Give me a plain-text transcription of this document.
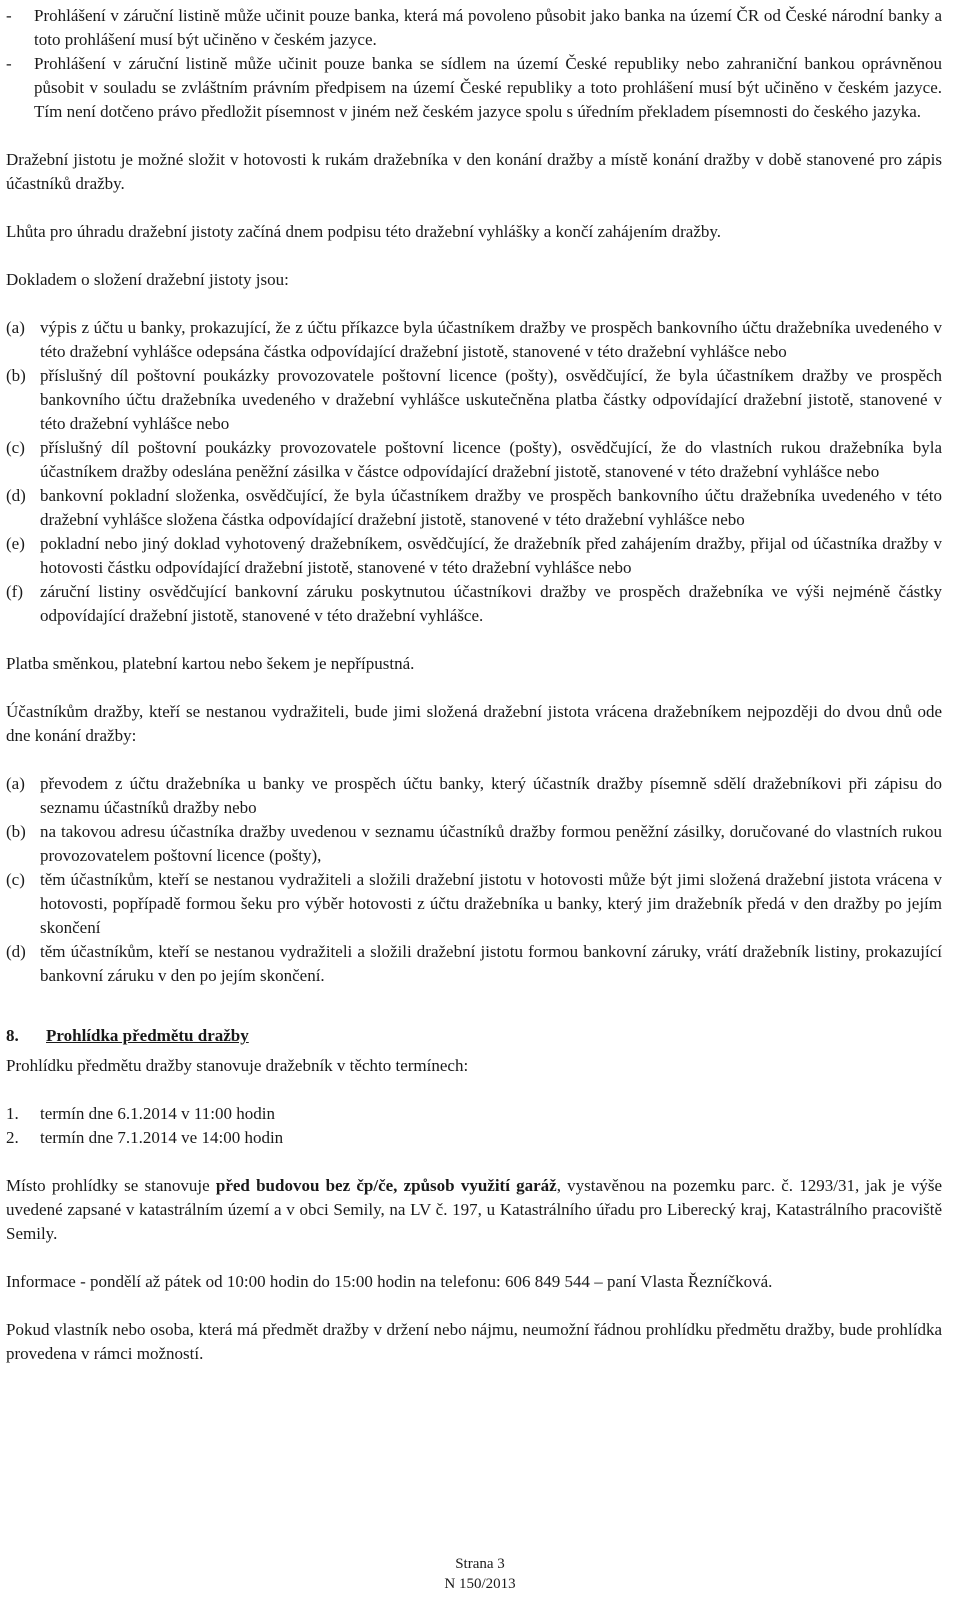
-	Prohlášení v záruční listině může učinit pouze banka, která má povoleno působit jako banka na území ČR od České národní banky a toto prohlášení musí být učiněno v českém jazyce.
-	Prohlášení v záruční listině může učinit pouze banka se sídlem na území České republiky nebo zahraniční bankou oprávněnou působit v souladu se zvláštním právním předpisem na území České republiky a toto prohlášení musí být učiněno v českém jazyce. Tím není dotčeno právo předložit písemnost v jiném než českém jazyce spolu s úředním překladem písemnosti do českého jazyka.

Dražební jistotu je možné složit v hotovosti k rukám dražebníka v den konání dražby a místě konání dražby v době stanovené pro zápis účastníků dražby.

Lhůta pro úhradu dražební jistoty začíná dnem podpisu této dražební vyhlášky a končí zahájením dražby.

Dokladem o složení dražební jistoty jsou:

(a) výpis z účtu u banky, prokazující, že z účtu příkazce byla účastníkem dražby ve prospěch bankovního účtu dražebníka uvedeného v této dražební vyhlášce odepsána částka odpovídající dražební jistotě, stanovené v této dražební vyhlášce nebo
(b) příslušný díl poštovní poukázky provozovatele poštovní licence (pošty), osvědčující, že byla účastníkem dražby ve prospěch bankovního účtu dražebníka uvedeného v dražební vyhlášce uskutečněna platba částky odpovídající dražební jistotě, stanovené v této dražební vyhlášce nebo
(c) příslušný díl poštovní poukázky provozovatele poštovní licence (pošty), osvědčující, že do vlastních rukou dražebníka byla účastníkem dražby odeslána peněžní zásilka v částce odpovídající dražební jistotě, stanovené v této dražební vyhlášce nebo
(d) bankovní pokladní složenka, osvědčující, že byla účastníkem dražby ve prospěch bankovního účtu dražebníka uvedeného v této dražební vyhlášce složena částka odpovídající dražební jistotě, stanovené v této dražební vyhlášce nebo
(e) pokladní nebo jiný doklad vyhotovený dražebníkem, osvědčující, že dražebník před zahájením dražby, přijal od účastníka dražby v hotovosti částku odpovídající dražební jistotě, stanovené v této dražební vyhlášce nebo
(f)	záruční listiny osvědčující bankovní záruku poskytnutou účastníkovi dražby ve prospěch dražebníka ve výši nejméně částky odpovídající dražební jistotě, stanovené v této dražební vyhlášce.

Platba směnkou, platební kartou nebo šekem je nepřípustná.

Účastníkům dražby, kteří se nestanou vydražiteli, bude jimi složená dražební jistota vrácena dražebníkem nejpozději do dvou dnů ode dne konání dražby:

(a) převodem z účtu dražebníka u banky ve prospěch účtu banky, který účastník dražby písemně sdělí dražebníkovi při zápisu do seznamu účastníků dražby nebo
(b) na takovou adresu účastníka dražby uvedenou v seznamu účastníků dražby formou peněžní zásilky, doručované do vlastních rukou provozovatelem poštovní licence (pošty),
(c) těm účastníkům, kteří se nestanou vydražiteli a složili dražební jistotu v hotovosti může být jimi složená dražební jistota vrácena v hotovosti, popřípadě formou šeku pro výběr hotovosti z účtu dražebníka u banky, který jim dražebník předá v den dražby po jejím skončení
(d) těm účastníkům, kteří se nestanou vydražiteli a složili dražební jistotu formou bankovní záruky, vrátí dražebník listiny, prokazující bankovní záruku v den po jejím skončení.
8.	Prohlídka předmětu dražby

Prohlídku předmětu dražby stanovuje dražebník v těchto termínech:

1.	termín dne 6.1.2014 v 11:00 hodin
2.	termín dne 7.1.2014 ve 14:00 hodin

Místo prohlídky se stanovuje před budovou bez čp/če, způsob využití garáž, vystavěnou na pozemku parc. č. 1293/31, jak je výše uvedené zapsané v katastrálním území a v obci Semily, na LV č. 197, u Katastrálního úřadu pro Liberecký kraj, Katastrálního pracoviště Semily.

Informace - pondělí až pátek od 10:00 hodin do 15:00 hodin na telefonu: 606 849 544 – paní Vlasta Řezníčková.

Pokud vlastník nebo osoba, která má předmět dražby v držení nebo nájmu, neumožní řádnou prohlídku předmětu dražby, bude prohlídka provedena v rámci možností.

Strana 3
N 150/2013
